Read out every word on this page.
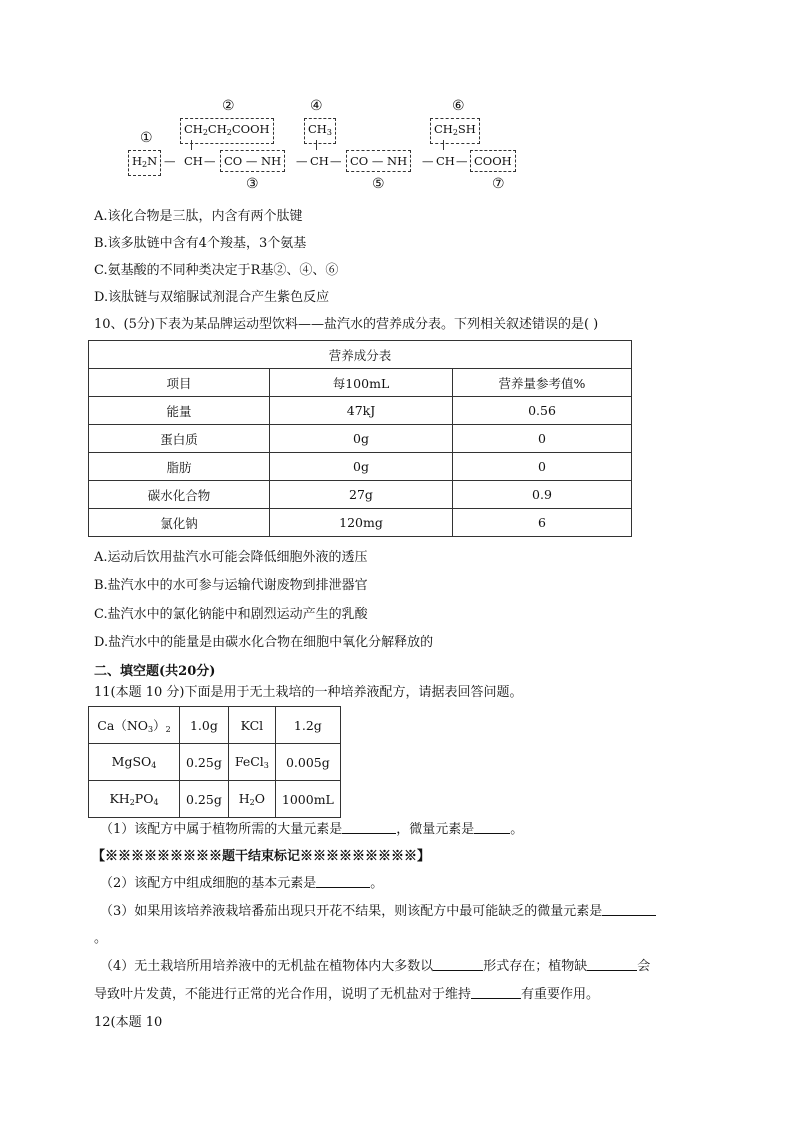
①
②	④	⑥
③	⑤	⑦
$CH_2CH_2COOH$	$CH_3$	$CH_2SH$
$H_2N$ — CH — CO — NH	— CH — CO — NH	— CH — COOH
A.该化合物是三肽，内含有两个肽键
B.该多肽链中含有4个羧基，3个氨基
C.氨基酸的不同种类决定于R基②、④、⑥
D.该肽链与双缩脲试剂混合产生紫色反应
10、(5分)下表为某品牌运动型饮料——盐汽水的营养成分表。下列相关叙述错误的是( )
营养成分表		
项目	每100mL	营养量参考值%
能量	47kJ	0.56
蛋白质	0g	0
脂肪	0g	0
碳水化合物	27g	0.9
氯化钠	120mg	6
A.运动后饮用盐汽水可能会降低细胞外液的透压
B.盐汽水中的水可参与运输代谢废物到排泄器官
C.盐汽水中的氯化钠能中和剧烈运动产生的乳酸
D.盐汽水中的能量是由碳水化合物在细胞中氧化分解释放的
二、填空题(共20分)
11(本题 10 分)下面是用于无土栽培的一种培养液配方，请据表回答问题。
$Ca(NO_3)_2$	1.0g	KCl	1.2g
MgSO$_4$	0.25g	FeCl$_3$	0.005g
$KH_2PO_4$	0.25g	$H_2O$	1000mL
（1）该配方中属于植物所需的大量元素是	，微量元素是	。
【※※※※※※※※※题干结束标记※※※※※※※※※】
（2）该配方中组成细胞的基本元素是	。
（3）如果用该培养液栽培番茄出现只开花不结果，则该配方中最可能缺乏的微量元素是
。
（4）无土栽培所用培养液中的无机盐在植物体内大多数以	形式存在；植物缺	会
导致叶片发黄，不能进行正常的光合作用，说明了无机盐对于维持	有重要作用。
12(本题 10
